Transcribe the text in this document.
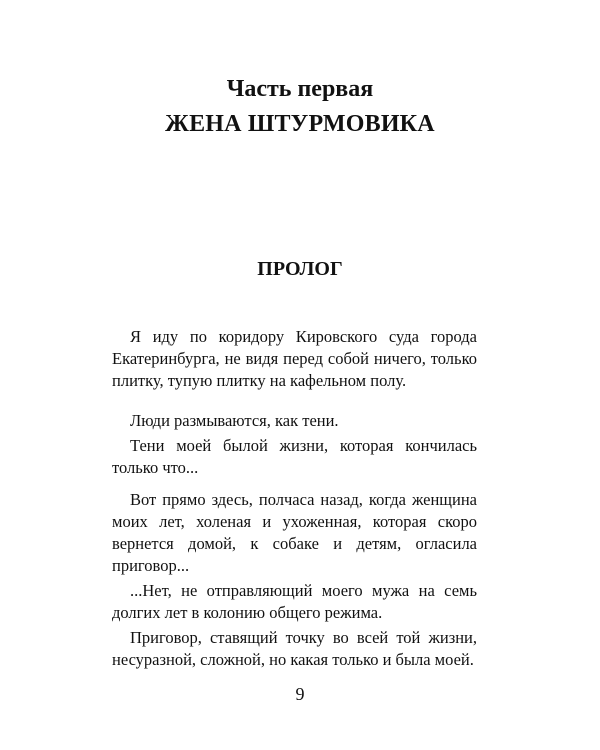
Часть первая
ЖЕНА ШТУРМОВИКА
ПРОЛОГ

Я иду по коридору Кировского суда города Екатеринбурга, не видя перед собой ничего, только плитку, тупую плитку на кафельном полу.

Люди размываются, как тени.

Тени моей былой жизни, которая кончилась только что...

Вот прямо здесь, полчаса назад, когда женщина моих лет, холеная и ухоженная, которая скоро вернется домой, к собаке и детям, огласила приговор...

...Нет, не отправляющий моего мужа на семь долгих лет в колонию общего режима.

Приговор, ставящий точку во всей той жизни, несуразной, сложной, но какая только и была моей.

9
